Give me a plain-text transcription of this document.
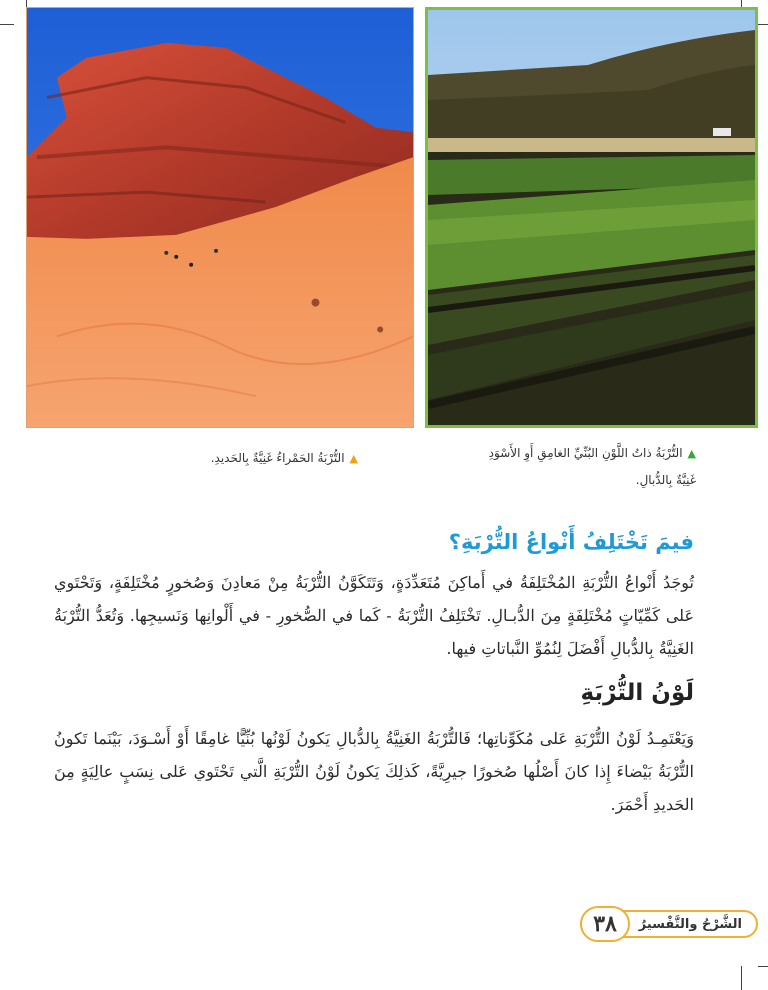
▲التُّرْبَةُ ذاتُ اللَّوْنِ البُنِّيِّ الغامِقِ أَوِ الأَسْوَدِ
غَنِيَّةٌ بِالدُّبالِ.
▲التُّرْبَةُ الحَمْراءُ غَنِيَّةٌ بِالحَديدِ.
فيمَ تَخْتَلِفُ أَنْواعُ التُّرْبَةِ؟
تُوجَدُ أَنْواعُ التُّرْبَةِ المُخْتَلِفَةُ في أَماكِنَ مُتَعَدِّدَةٍ، وَتَتَكَوَّنُ التُّرْبَةُ مِنْ مَعادِنَ وَصُخورٍ مُخْتَلِفَةٍ، وَتَحْتَوي عَلى كَمِّيّاتٍ مُخْتَلِفَةٍ مِنَ الدُّبـالِ. تَخْتَلِفُ التُّرْبَةُ - كَما في الصُّخورِ - في أَلْوانِها وَنَسيجِها. وَتُعَدُّ التُّرْبَةُ الغَنِيَّةُ بِالدُّبالِ أَفْضَلَ لِنُمُوِّ النَّباتاتِ فيها.
لَوْنُ التُّرْبَةِ
وَيَعْتَمِـدُ لَوْنُ التُّرْبَةِ عَلى مُكَوِّناتِها؛ فَالتُّرْبَةُ الغَنِيَّةُ بِالدُّبالِ يَكونُ لَوْنُها بُنِّيًّا غامِقًا أَوْ أَسْـوَدَ، بَيْنَما تَكونُ التُّرْبَةُ بَيْضاءَ إِذا كانَ أَصْلُها صُخورًا جيرِيَّةً، كَذلِكَ يَكونُ لَوْنُ التُّرْبَةِ الَّتي تَحْتَوي عَلى نِسَبٍ عالِيَةٍ مِنَ الحَديدِ أَحْمَرَ.
الشَّرْحُ والتَّفْسيرُ
٣٨
